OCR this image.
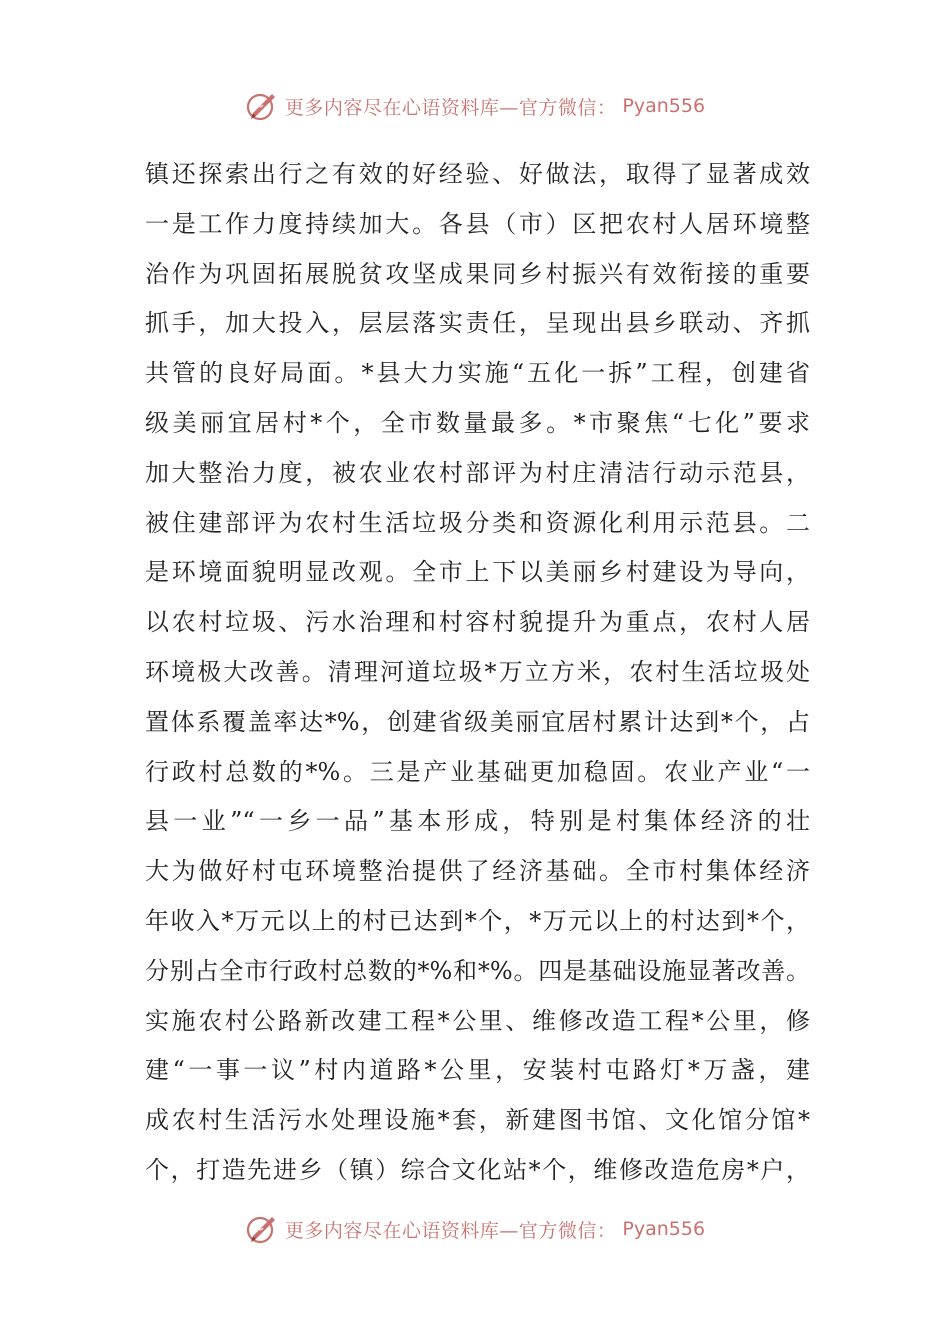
更多内容尽在心语资料库—官方微信： Pyan556
镇还探索出行之有效的好经验、好做法，取得了显著成效
一是工作力度持续加大。各县（市）区把农村人居环境整
治作为巩固拓展脱贫攻坚成果同乡村振兴有效衔接的重要
抓手，加大投入，层层落实责任，呈现出县乡联动、齐抓
共管的良好局面。*县大力实施“五化一拆”工程，创建省
级美丽宜居村*个，全市数量最多。*市聚焦“七化”要求
加大整治力度，被农业农村部评为村庄清洁行动示范县，
被住建部评为农村生活垃圾分类和资源化利用示范县。二
是环境面貌明显改观。全市上下以美丽乡村建设为导向，
以农村垃圾、污水治理和村容村貌提升为重点，农村人居
环境极大改善。清理河道垃圾*万立方米，农村生活垃圾处
置体系覆盖率达*%，创建省级美丽宜居村累计达到*个，占
行政村总数的*%。三是产业基础更加稳固。农业产业“一
县一业”“一乡一品”基本形成，特别是村集体经济的壮
大为做好村屯环境整治提供了经济基础。全市村集体经济
年收入*万元以上的村已达到*个，*万元以上的村达到*个，
分别占全市行政村总数的*%和*%。四是基础设施显著改善。
实施农村公路新改建工程*公里、维修改造工程*公里，修
建“一事一议”村内道路*公里，安装村屯路灯*万盏，建
成农村生活污水处理设施*套，新建图书馆、文化馆分馆*
个，打造先进乡（镇）综合文化站*个，维修改造危房*户，
更多内容尽在心语资料库—官方微信： Pyan556
